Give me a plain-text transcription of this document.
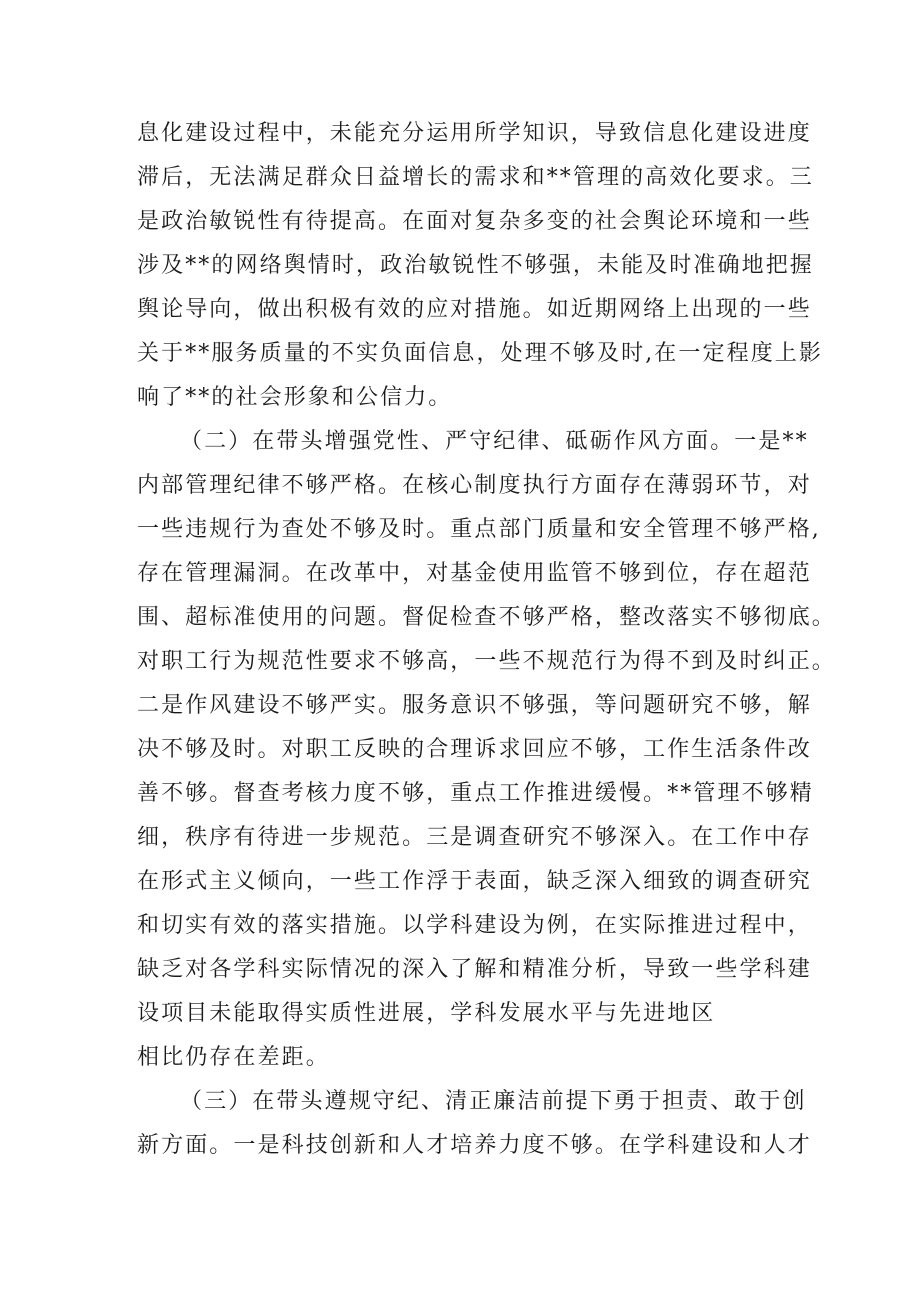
息化建设过程中，未能充分运用所学知识，导致信息化建设进度
滞后，无法满足群众日益增长的需求和**管理的高效化要求。三
是政治敏锐性有待提高。在面对复杂多变的社会舆论环境和一些
涉及**的网络舆情时，政治敏锐性不够强，未能及时准确地把握
舆论导向，做出积极有效的应对措施。如近期网络上出现的一些
关于**服务质量的不实负面信息，处理不够及时,在一定程度上影
响了**的社会形象和公信力。
（二）在带头增强党性、严守纪律、砥砺作风方面。一是**
内部管理纪律不够严格。在核心制度执行方面存在薄弱环节，对
一些违规行为查处不够及时。重点部门质量和安全管理不够严格,
存在管理漏洞。在改革中，对基金使用监管不够到位，存在超范
围、超标准使用的问题。督促检查不够严格，整改落实不够彻底。
对职工行为规范性要求不够高，一些不规范行为得不到及时纠正。
二是作风建设不够严实。服务意识不够强，等问题研究不够，解
决不够及时。对职工反映的合理诉求回应不够，工作生活条件改
善不够。督查考核力度不够，重点工作推进缓慢。**管理不够精
细，秩序有待进一步规范。三是调查研究不够深入。在工作中存
在形式主义倾向，一些工作浮于表面，缺乏深入细致的调查研究
和切实有效的落实措施。以学科建设为例，在实际推进过程中，
缺乏对各学科实际情况的深入了解和精准分析，导致一些学科建
设项目未能取得实质性进展，学科发展水平与先进地区
相比仍存在差距。
（三）在带头遵规守纪、清正廉洁前提下勇于担责、敢于创
新方面。一是科技创新和人才培养力度不够。在学科建设和人才
